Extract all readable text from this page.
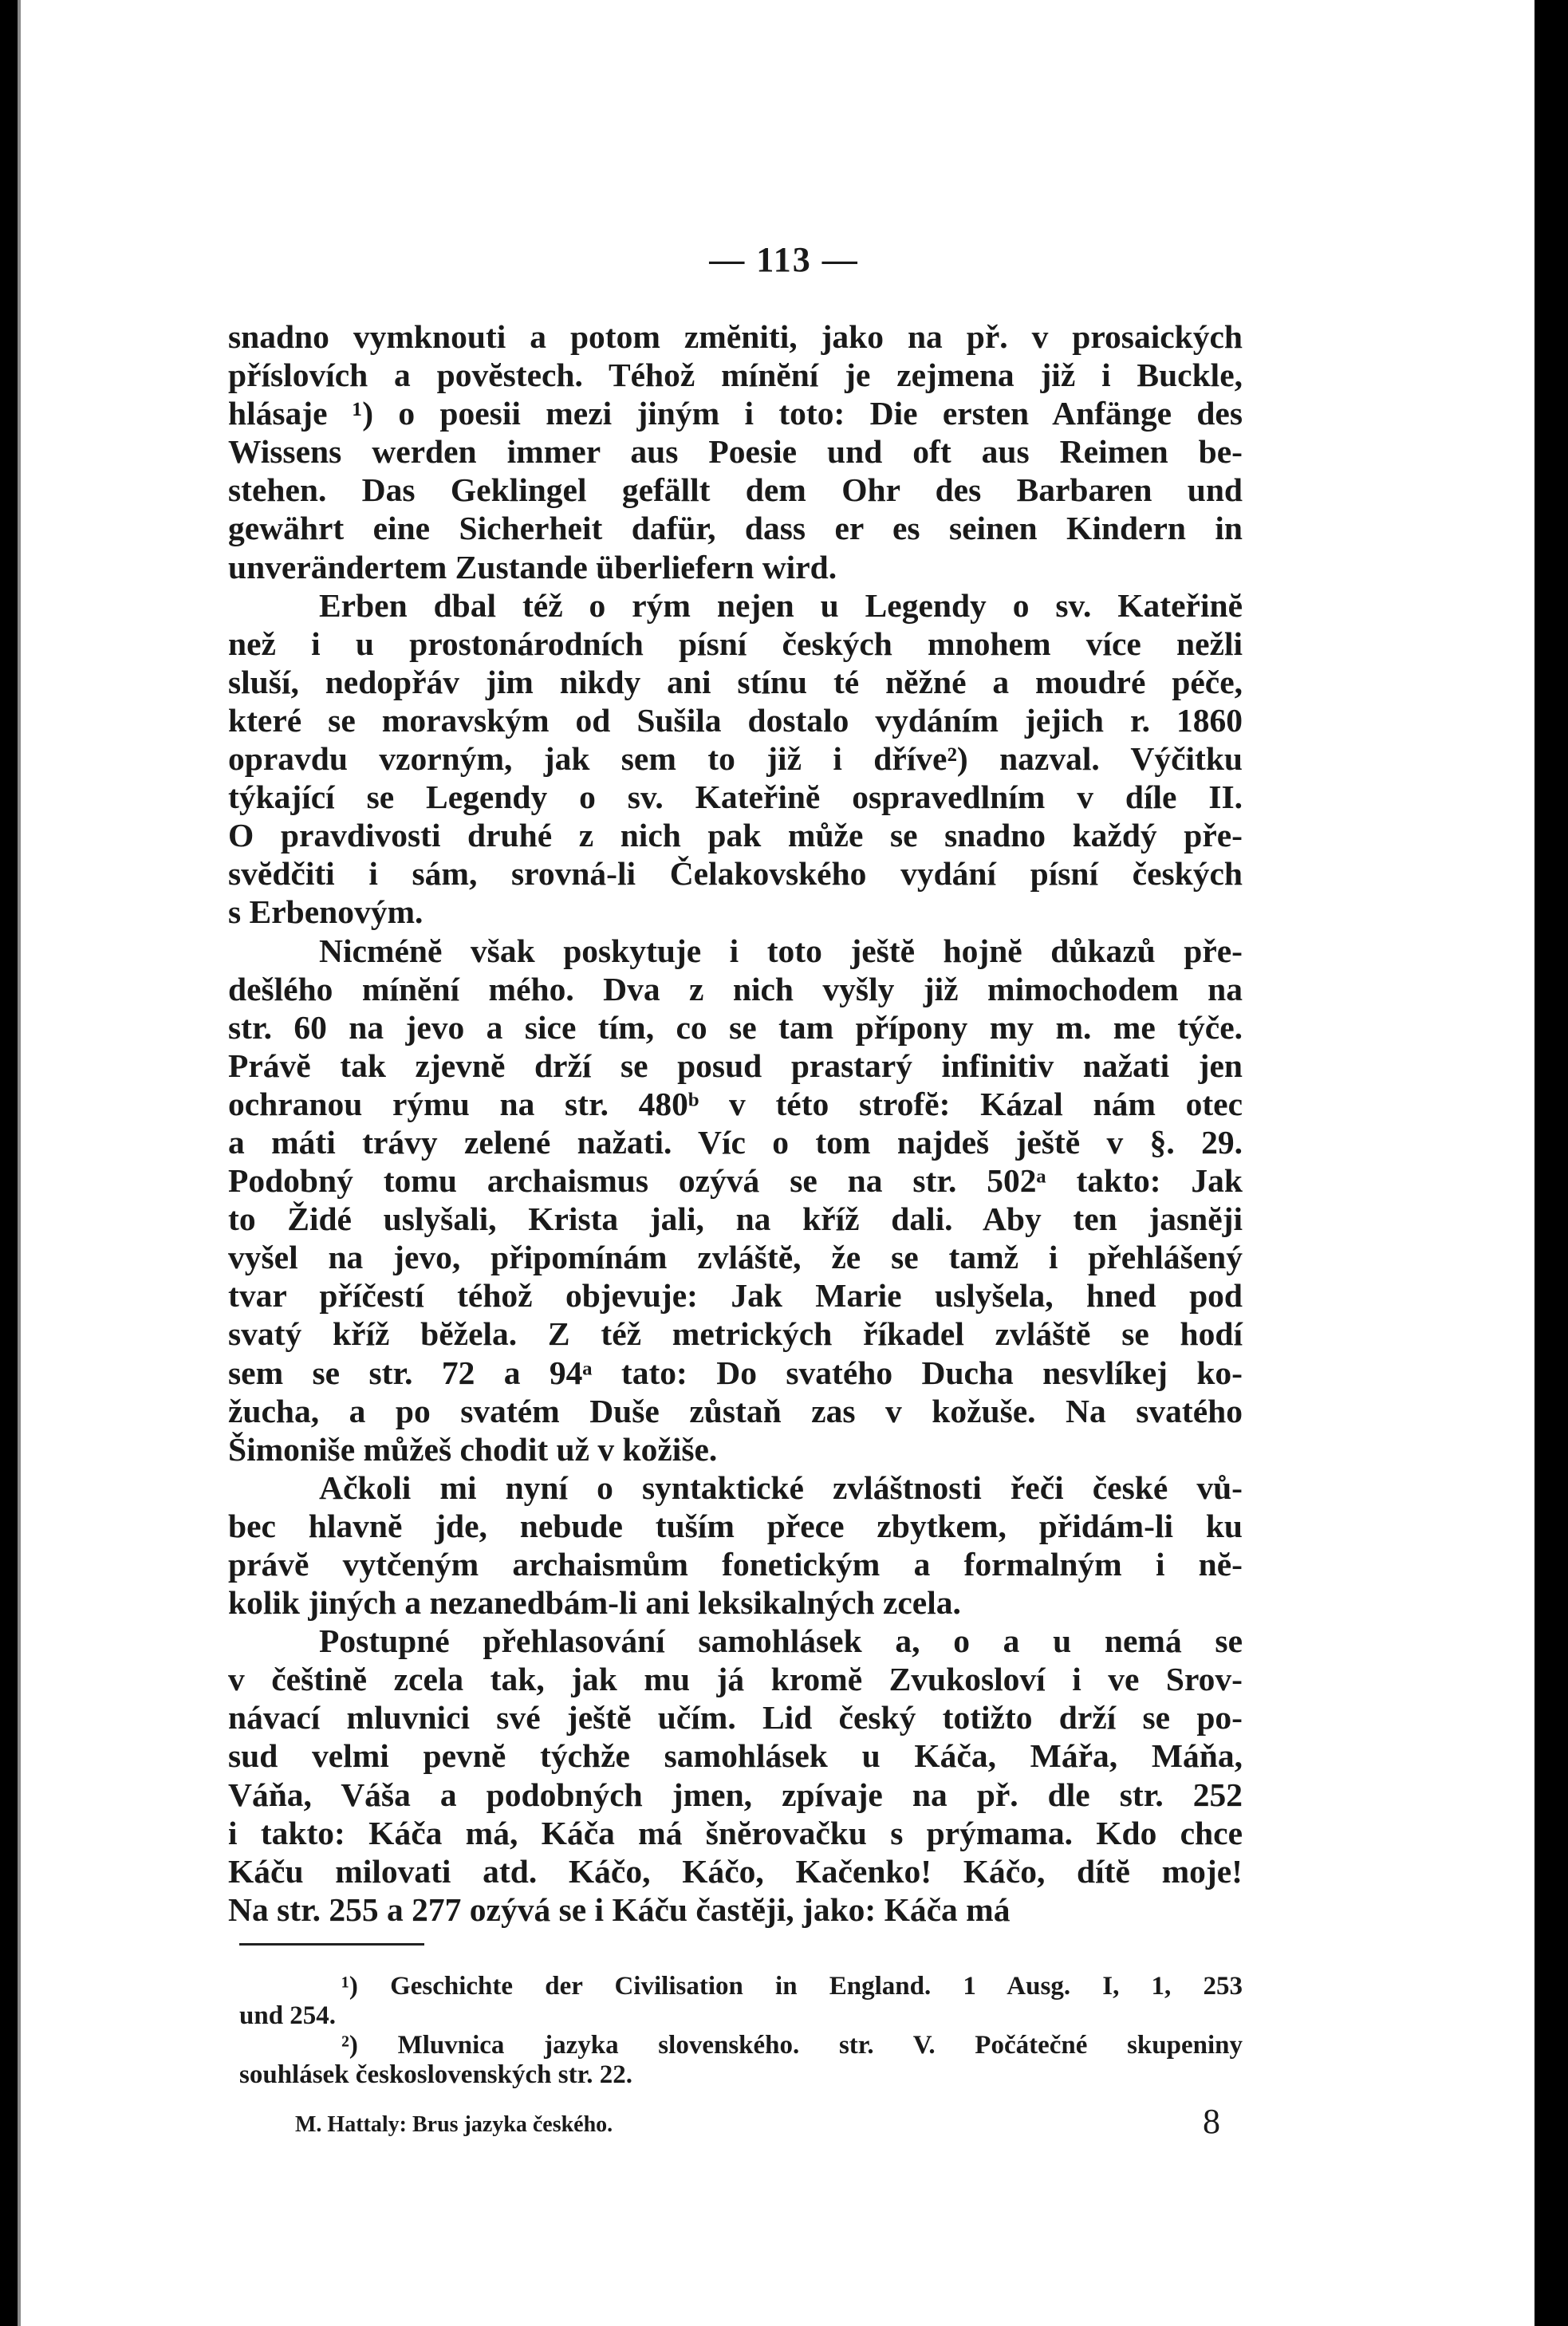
— 113 —
snadno vymknouti a potom zmĕniti, jako na př. v prosaických
příslovích a povĕstech. Téhož mínĕní je zejmena již i Buckle,
hlásaje ¹) o poesii mezi jiným i toto: Die ersten Anfänge des
Wissens werden immer aus Poesie und oft aus Reimen be-
stehen. Das Geklingel gefällt dem Ohr des Barbaren und
gewährt eine Sicherheit dafür, dass er es seinen Kindern in
unverändertem Zustande überliefern wird.
Erben dbal též o rým nejen u Legendy o sv. Kateřinĕ
než i u prostonárodních písní českých mnohem více nežli
sluší, nedopřáv jim nikdy ani stínu té nĕžné a moudré péče,
které se moravským od Sušila dostalo vydáním jejich r. 1860
opravdu vzorným, jak sem to již i dříve²) nazval. Výčitku
týkající se Legendy o sv. Kateřinĕ ospravedlním v díle II.
O pravdivosti druhé z nich pak může se snadno každý pře-
svĕdčiti i sám, srovná-li Čelakovského vydání písní českých
s Erbenovým.
Nicménĕ však poskytuje i toto ještĕ hojnĕ důkazů pře-
dešlého mínĕní mého. Dva z nich vyšly již mimochodem na
str. 60 na jevo a sice tím, co se tam přípony my m. me týče.
Právĕ tak zjevnĕ drží se posud prastarý infinitiv nažati jen
ochranou rýmu na str. 480ᵇ v této strofĕ: Kázal nám otec
a máti trávy zelené nažati. Víc o tom najdeš ještĕ v §. 29.
Podobný tomu archaismus ozývá se na str. 502ᵃ takto: Jak
to Židé uslyšali, Krista jali, na kříž dali. Aby ten jasnĕji
vyšel na jevo, připomínám zvláštĕ, že se tamž i přehlášený
tvar příčestí téhož objevuje: Jak Marie uslyšela, hned pod
svatý kříž bĕžela. Z též metrických říkadel zvláštĕ se hodí
sem se str. 72 a 94ᵃ tato: Do svatého Ducha nesvlíkej ko-
žucha, a po svatém Duše zůstaň zas v kožuše. Na svatého
Šimoniše můžeš chodit už v kožiše.
Ačkoli mi nyní o syntaktické zvláštnosti řeči české vů-
bec hlavnĕ jde, nebude tuším přece zbytkem, přidám-li ku
právĕ vytčeným archaismům fonetickým a formalným i nĕ-
kolik jiných a nezanedbám-li ani leksikalných zcela.
Postupné přehlasování samohlásek a, o a u nemá se
v češtinĕ zcela tak, jak mu já kromĕ Zvukosloví i ve Srov-
návací mluvnici své ještĕ učím. Lid český totižto drží se po-
sud velmi pevnĕ týchže samohlásek u Káča, Mářa, Máňa,
Váňa, Váša a podobných jmen, zpívaje na př. dle str. 252
i takto: Káča má, Káča má šnĕrovačku s prýmama. Kdo chce
Káču milovati atd. Káčo, Káčo, Kačenko! Káčo, dítĕ moje!
Na str. 255 a 277 ozývá se i Káču častĕji, jako: Káča má
¹) Geschichte der Civilisation in England. 1 Ausg. I, 1, 253
und 254.
²) Mluvnica jazyka slovenského. str. V. Počátečné skupeniny
souhlásek československých str. 22.
M. Hattaly: Brus jazyka českého.	8
